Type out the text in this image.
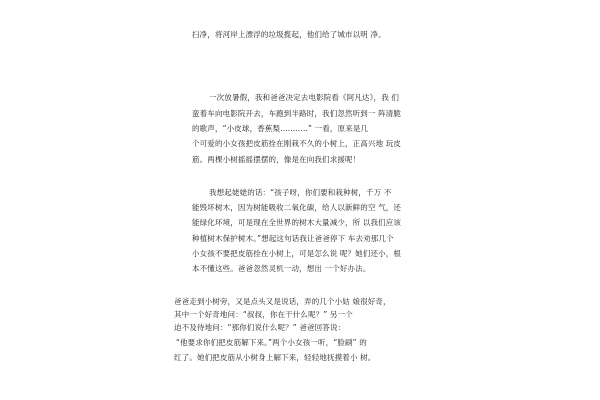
扫净，将河岸上漂浮的垃圾揽起，他们给了城市以明 净。
一次放暑假，我和爸爸决定去电影院看《阿凡达》，我 们
蛮着车向电影院开去，车跑到半路时，我们忽然听到一 阵清脆
的歌声，“小皮球，香蕉梨...........” 一看，原来是几
个可爱的小女孩把皮筋拴在刚栽不久的小树上，正高兴地 玩皮
筋。两棵小树摇摇摆摆的，像是在向我们求援呢！
我想起姥姥的话：“孩子呀，你们要和栽种树，千万 不
能毁坏树木，因为树能吸收二氧化碳，给人以新鲜的空 气，还
能绿化环境，可是现在全世界的树木大量减少，所 以我们应该
种植树木保护树木。”想起这句话我让爸爸停下 车去劝那几个
小女孩不要把皮筋拴在小树上，可是怎么说 呢？她们还小，根
本不懂这些。爸爸忽然灵机一动，想出 一个好办法。
爸爸走到小树旁，又是点头又是说话，弄的几个小姑 娘很好奇，
其中一个好奇地问：“叔叔，你在干什么呢？” 另一个
迫不及待地问：“那你们说什么呢？” 爸爸回答说：
“他要求你们把皮筋解下来。”两个小女孩一听，“脸刷” 的
红了。她们把皮筋从小树身上解下来，轻轻地抚摸着小 树。
